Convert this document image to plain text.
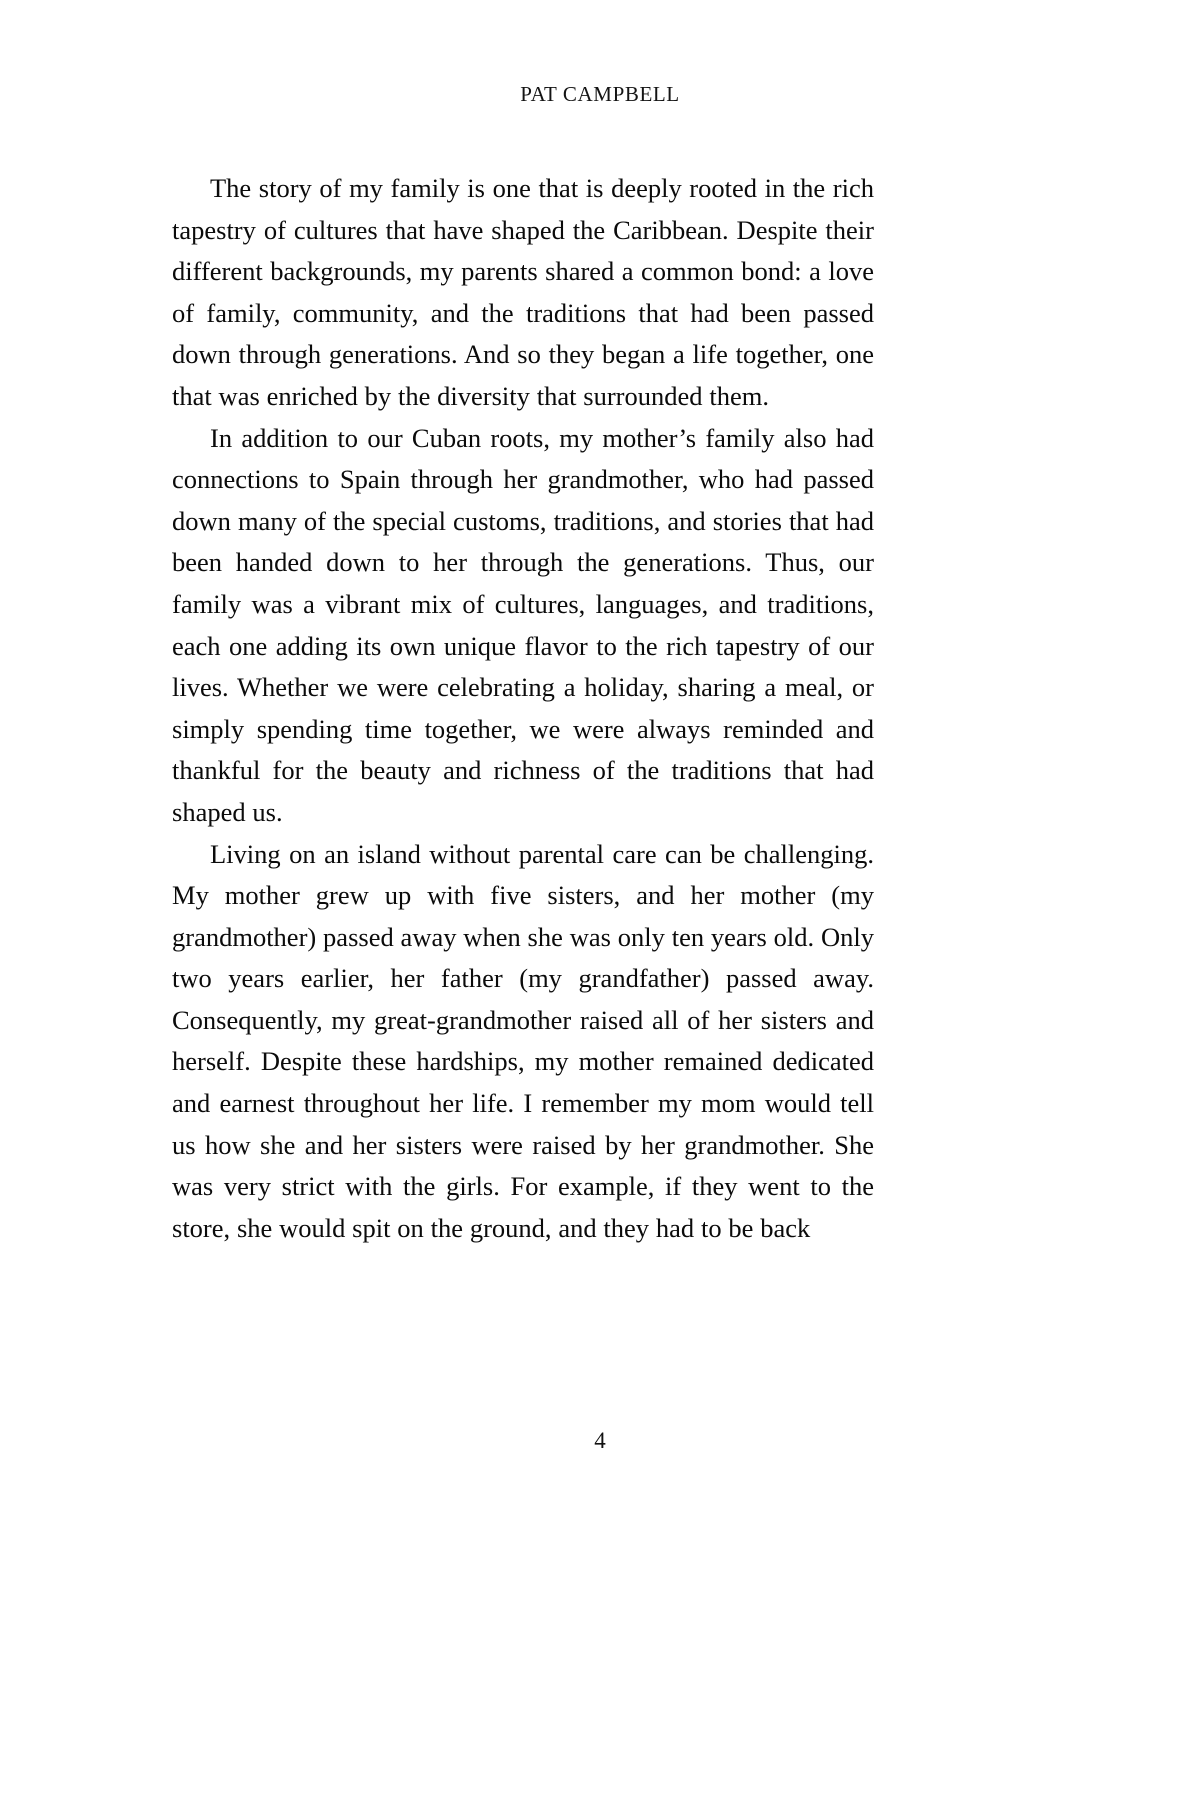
PAT CAMPBELL

The story of my family is one that is deeply rooted in the rich tapestry of cultures that have shaped the Caribbean. Despite their different backgrounds, my parents shared a common bond: a love of family, community, and the traditions that had been passed down through generations. And so they began a life together, one that was enriched by the diversity that surrounded them.

In addition to our Cuban roots, my mother’s family also had connections to Spain through her grandmother, who had passed down many of the special customs, traditions, and stories that had been handed down to her through the generations. Thus, our family was a vibrant mix of cultures, languages, and traditions, each one adding its own unique flavor to the rich tapestry of our lives. Whether we were celebrating a holiday, sharing a meal, or simply spending time together, we were always reminded and thankful for the beauty and richness of the traditions that had shaped us.

Living on an island without parental care can be challenging. My mother grew up with five sisters, and her mother (my grandmother) passed away when she was only ten years old. Only two years earlier, her father (my grandfather) passed away. Consequently, my great-grandmother raised all of her sisters and herself. Despite these hardships, my mother remained dedicated and earnest throughout her life. I remember my mom would tell us how she and her sisters were raised by her grandmother. She was very strict with the girls. For example, if they went to the store, she would spit on the ground, and they had to be back

4
